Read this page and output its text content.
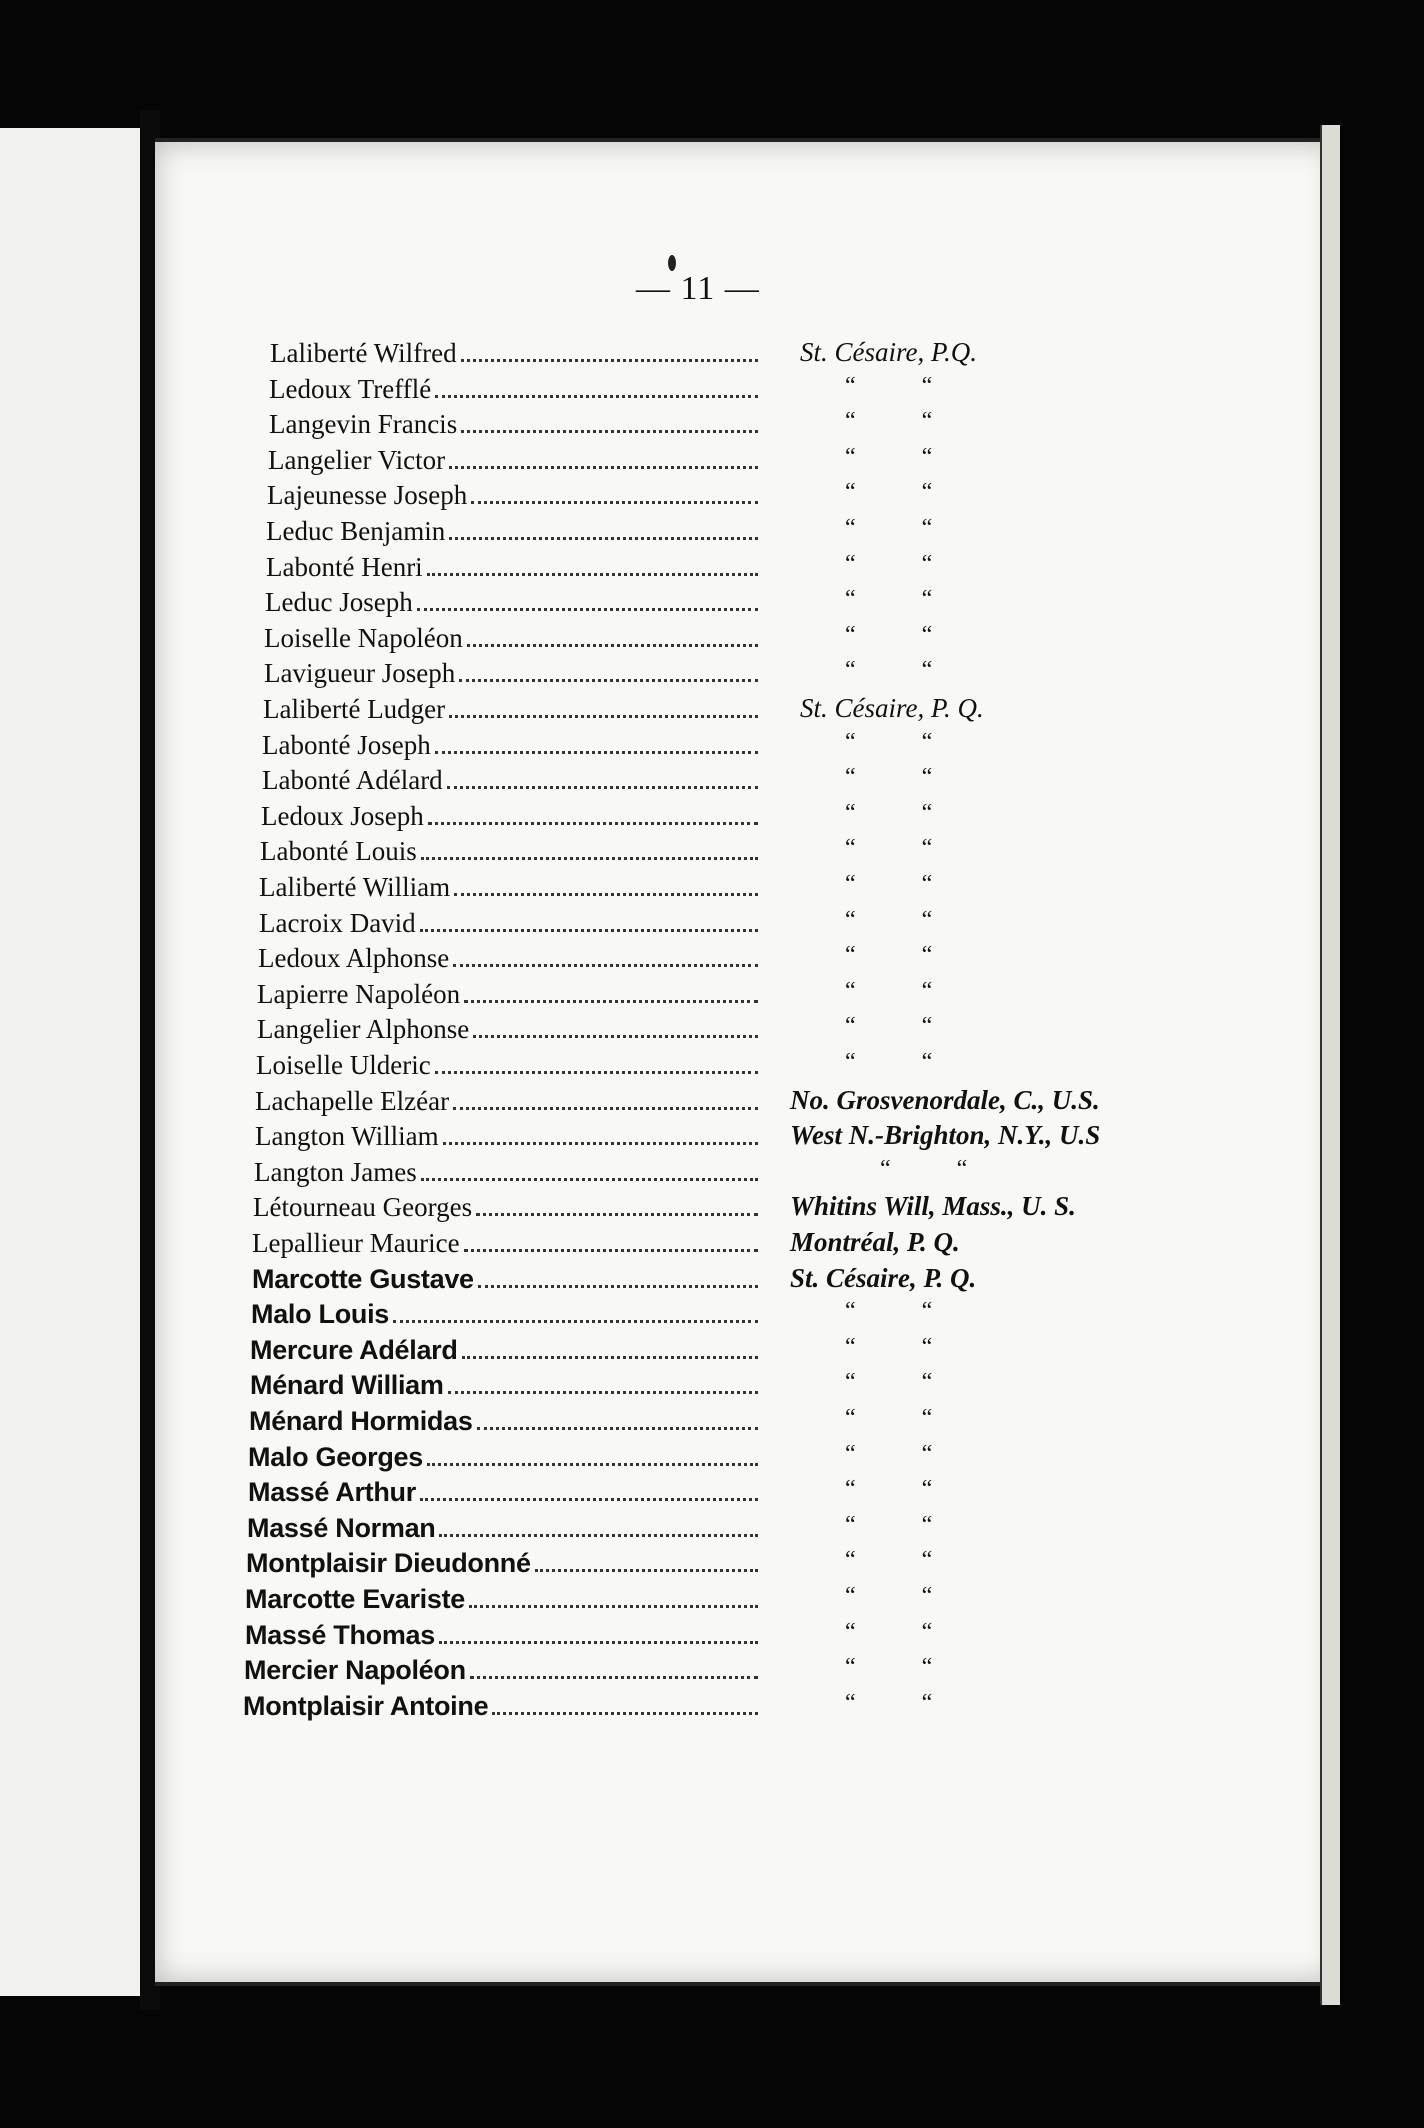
— 11 —
Laliberté Wilfred	St. Césaire, P.Q.
Ledoux Trefflé	“ “
Langevin Francis	“ “
Langelier Victor	“ “
Lajeunesse Joseph	“ “
Leduc Benjamin	“ “
Labonté Henri	“ “
Leduc Joseph	“ “
Loiselle Napoléon	“ “
Lavigueur Joseph	“ “
Laliberté Ludger	St. Césaire, P. Q.
Labonté Joseph	“ “
Labonté Adélard	“ “
Ledoux Joseph	“ “
Labonté Louis	“ “
Laliberté William	“ “
Lacroix David	“ “
Ledoux Alphonse	“ “
Lapierre Napoléon	“ “
Langelier Alphonse	“ “
Loiselle Ulderic	“ “
Lachapelle Elzéar	No. Grosvenordale, C., U.S.
Langton William	West N.-Brighton, N.Y., U.S
Langton James	“ “
Létourneau Georges	Whitins Will, Mass., U. S.
Lepallieur Maurice	Montréal, P. Q.
Marcotte Gustave	St. Césaire, P. Q.
Malo Louis	“ “
Mercure Adélard	“ “
Ménard William	“ “
Ménard Hormidas	“ “
Malo Georges	“ “
Massé Arthur	“ “
Massé Norman	“ “
Montplaisir Dieudonné	“ “
Marcotte Evariste	“ “
Massé Thomas	“ “
Mercier Napoléon	“ “
Montplaisir Antoine	“ “
